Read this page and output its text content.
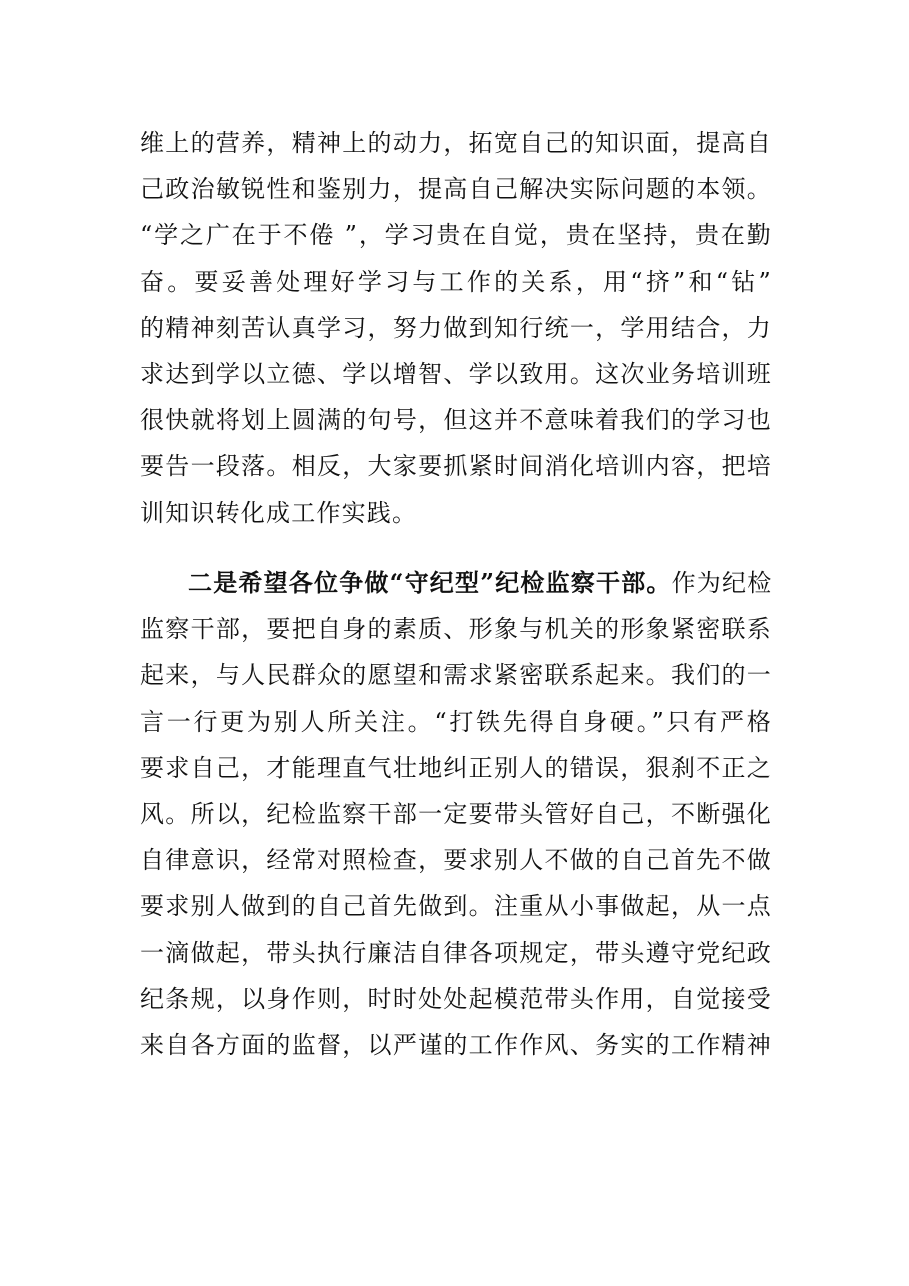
维上的营养，精神上的动力，拓宽自己的知识面，提高自
己政治敏锐性和鉴别力，提高自己解决实际问题的本领。
“学之广在于不倦 ”，学习贵在自觉，贵在坚持，贵在勤
奋。要妥善处理好学习与工作的关系，用“挤”和“钻”
的精神刻苦认真学习，努力做到知行统一，学用结合，力
求达到学以立德、学以增智、学以致用。这次业务培训班
很快就将划上圆满的句号，但这并不意味着我们的学习也
要告一段落。相反，大家要抓紧时间消化培训内容，把培
训知识转化成工作实践。
二是希望各位争做“守纪型”纪检监察干部。作为纪检
监察干部，要把自身的素质、形象与机关的形象紧密联系
起来，与人民群众的愿望和需求紧密联系起来。我们的一
言一行更为别人所关注。“打铁先得自身硬。”只有严格
要求自己，才能理直气壮地纠正别人的错误，狠刹不正之
风。所以，纪检监察干部一定要带头管好自己，不断强化
自律意识，经常对照检查，要求别人不做的自己首先不做
要求别人做到的自己首先做到。注重从小事做起，从一点
一滴做起，带头执行廉洁自律各项规定，带头遵守党纪政
纪条规，以身作则，时时处处起模范带头作用，自觉接受
来自各方面的监督，以严谨的工作作风、务实的工作精神
